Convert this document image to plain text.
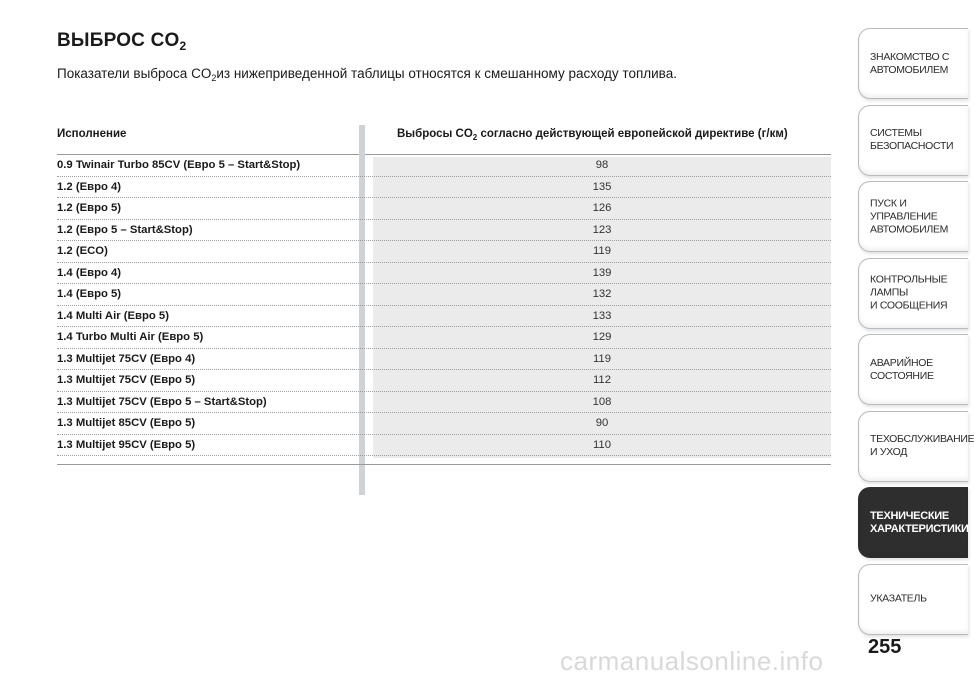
ВЫБРОС $CO_2$

Показатели выброса $CO_2из$ нижеприведенной таблицы относятся к смешанному расходу топлива.

Исполнение	Выбросы $CO_2$ согласно действующей европейской директиве (г/км)
0.9 Twinair Turbo 85CV (Евро 5 – Start&Stop)	98
1.2 (Евро 4)	135
1.2 (Евро 5)	126
1.2 (Евро 5 – Start&Stop)	123
1.2 (ECO)	119
1.4 (Евро 4)	139
1.4 (Евро 5)	132
1.4 Multi Air (Евро 5)	133
1.4 Turbo Multi Air (Евро 5)	129
1.3 Multijet 75CV (Евро 4)	119
1.3 Multijet 75CV (Евро 5)	112
1.3 Multijet 75CV (Евро 5 – Start&Stop)	108
1.3 Multijet 85CV (Евро 5)	90
1.3 Multijet 95CV (Евро 5)	110
ЗНАКОМСТВО С
АВТОМОБИЛЕМ
СИСТЕМЫ
БЕЗОПАСНОСТИ
ПУСК И УПРАВЛЕНИЕ
АВТОМОБИЛЕМ
КОНТРОЛЬНЫЕ
ЛАМПЫ
И СООБЩЕНИЯ
АВАРИЙНОЕ
СОСТОЯНИЕ
ТЕХОБСЛУЖИВАНИЕ
И УХОД
ТЕХНИЧЕСКИЕ
ХАРАКТЕРИСТИКИ
УКАЗАТЕЛЬ
carmanualsonline.info 255
